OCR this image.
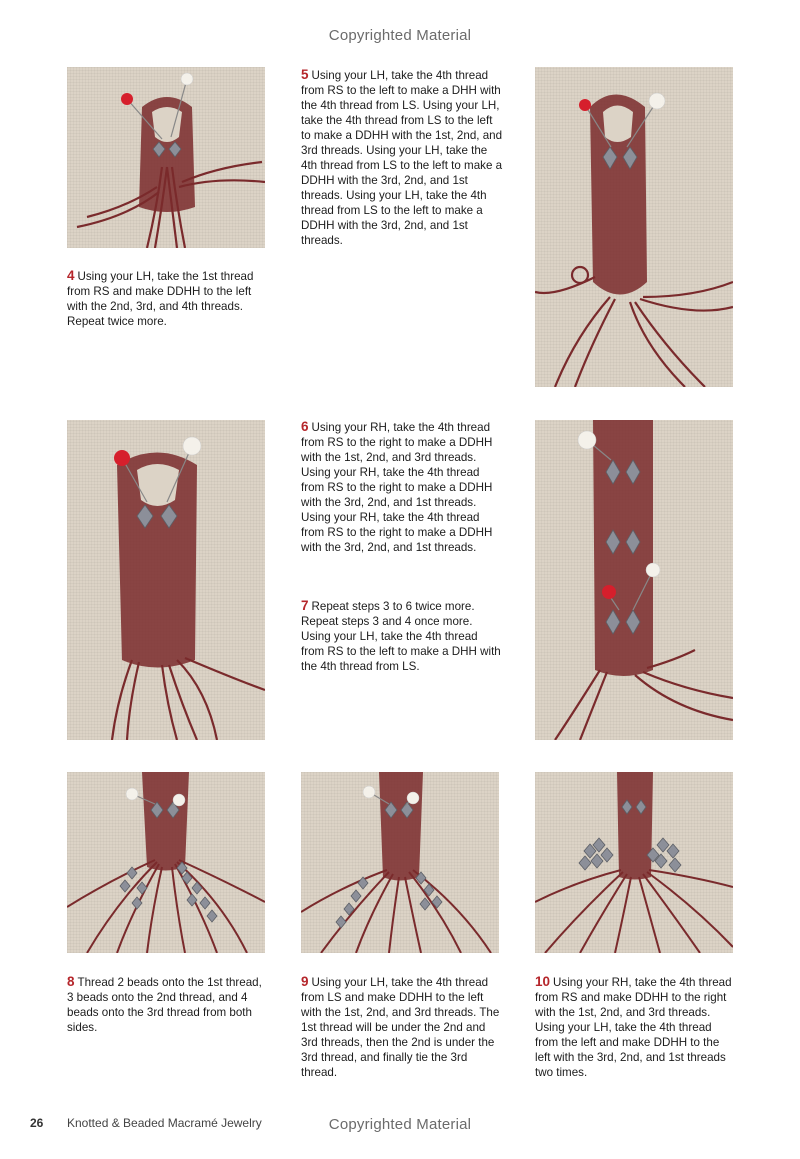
Copyrighted Material
4 Using your LH, take the 1st thread from RS and make DDHH to the left with the 2nd, 3rd, and 4th threads. Repeat twice more.
5 Using your LH, take the 4th thread from RS to the left to make a DHH with the 4th thread from LS. Using your LH, take the 4th thread from LS to the left to make a DDHH with the 1st, 2nd, and 3rd threads. Using your LH, take the 4th thread from LS to the left to make a DDHH with the 3rd, 2nd, and 1st threads. Using your LH, take the 4th thread from LS to the left to make a DDHH with the 3rd, 2nd, and 1st threads.
6 Using your RH, take the 4th thread from RS to the right to make a DDHH with the 1st, 2nd, and 3rd threads. Using your RH, take the 4th thread from RS to the right to make a DDHH with the 3rd, 2nd, and 1st threads. Using your RH, take the 4th thread from RS to the right to make a DDHH with the 3rd, 2nd, and 1st threads.
7 Repeat steps 3 to 6 twice more. Repeat steps 3 and 4 once more. Using your LH, take the 4th thread from RS to the left to make a DHH with the 4th thread from LS.
8 Thread 2 beads onto the 1st thread, 3 beads onto the 2nd thread, and 4 beads onto the 3rd thread from both sides.
9 Using your LH, take the 4th thread from LS and make DDHH to the left with the 1st, 2nd, and 3rd threads. The 1st thread will be under the 2nd and 3rd threads, then the 2nd is under the 3rd thread, and finally tie the 3rd thread.
10 Using your RH, take the 4th thread from RS and make DDHH to the right with the 1st, 2nd, and 3rd threads. Using your LH, take the 4th thread from the left and make DDHH to the left with the 3rd, 2nd, and 1st threads two times.
26 Knotted & Beaded Macramé Jewelry	Copyrighted Material
